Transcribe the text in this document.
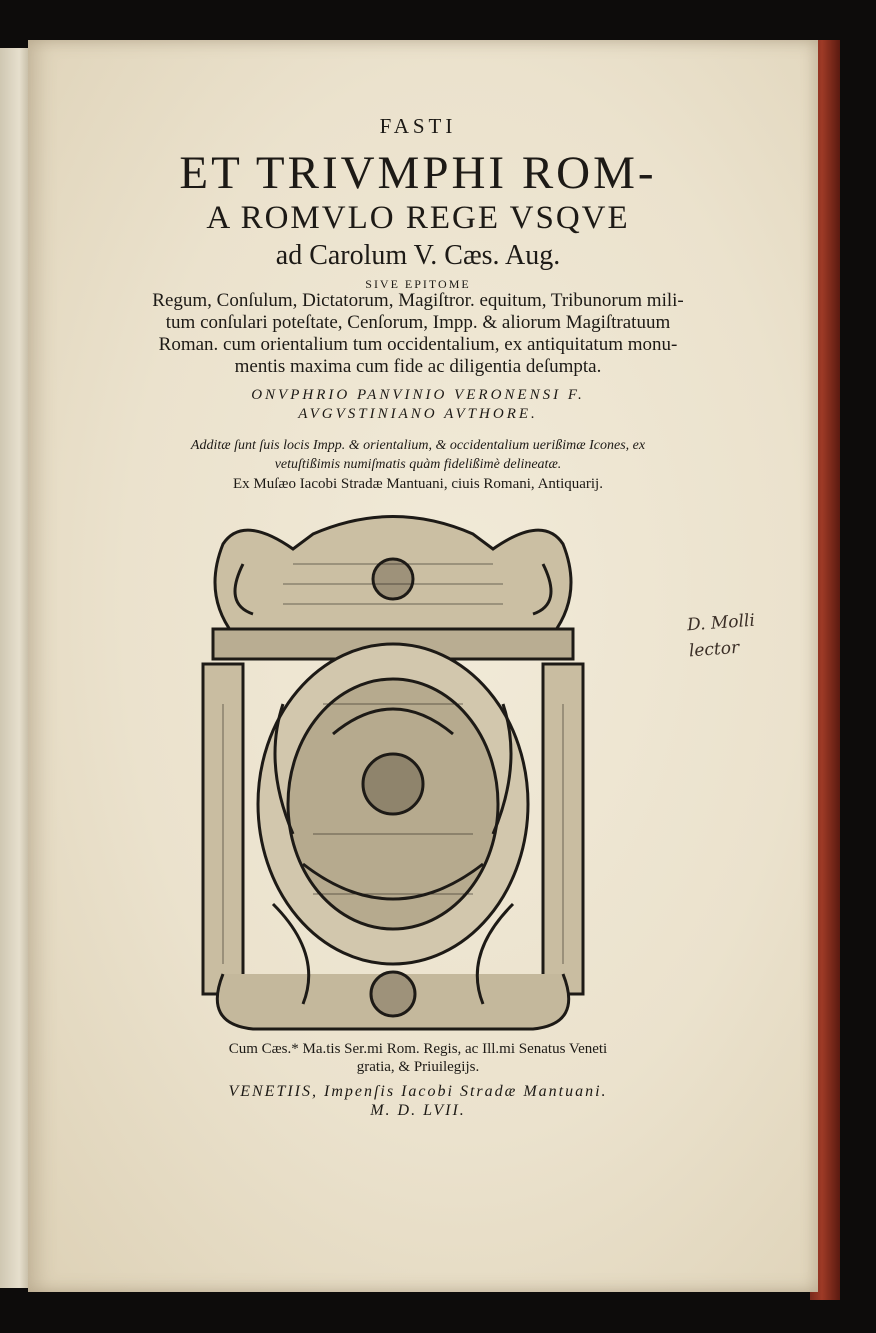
FASTI
ET TRIVMPHI ROM-
A ROMVLO REGE VSQVE
ad Carolum V. Cæs. Aug.
SIVE EPITOME
Regum, Conſulum, Dictatorum, Magiſtror. equitum, Tribunorum mili-
tum conſulari poteſtate, Cenſorum, Impp. & aliorum Magiſtratuum
Roman. cum orientalium tum occidentalium, ex antiquitatum monu-
mentis maxima cum fide ac diligentia deſumpta.
ONVPHRIO PANVINIO VERONENSI F.
AVGVSTINIANO AVTHORE.
Additæ ſunt ſuis locis Impp. & orientalium, & occidentalium uerißimæ Icones, ex
vetuſtißimis numiſmatis quàm fidelißimè delineatæ.
Ex Muſæo Iacobi Stradæ Mantuani, ciuis Romani, Antiquarij.
Cum Cæs.* Ma.tis Ser.mi Rom. Regis, ac Ill.mi Senatus Veneti
gratia, & Priuilegijs.
VENETIIS, Impenſis Iacobi Stradæ Mantuani.
M. D. LVII.
D. Molli
lector
